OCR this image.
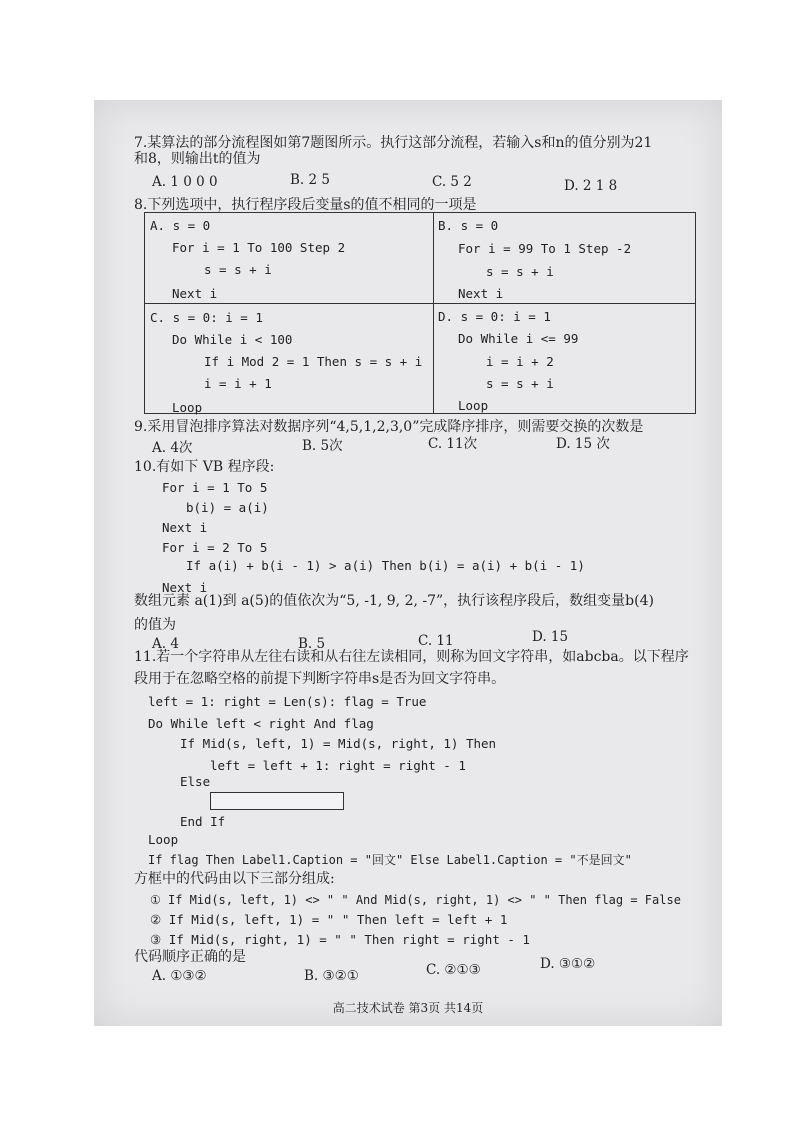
7.某算法的部分流程图如第7题图所示。执行这部分流程，若输入s和n的值分别为21
和8，则输出t的值为
A. 1 0 0 0	B. 2 5	C. 5 2	D. 2 1 8
8.下列选项中，执行程序段后变量s的值不相同的一项是
A. s = 0
For i = 1 To 100 Step 2
s = s + i
Next i
B. s = 0
For i = 99 To 1 Step -2
s = s + i
Next i
C. s = 0: i = 1
Do While i < 100
If i Mod 2 = 1 Then s = s + i
i = i + 1
Loop
D. s = 0: i = 1
Do While i <= 99
i = i + 2
s = s + i
Loop
9.采用冒泡排序算法对数据序列“4,5,1,2,3,0”完成降序排序，则需要交换的次数是
A. 4次	B. 5次	C. 11次	D. 15 次
10.有如下 VB 程序段:
For i = 1 To 5
b(i) = a(i)
Next i
For i = 2 To 5
If a(i) + b(i - 1) > a(i) Then b(i) = a(i) + b(i - 1)
Next i
数组元素 a(1)到 a(5)的值依次为“5, -1, 9, 2, -7”，执行该程序段后，数组变量b(4)
的值为
A. 4	B. 5	C. 11	D. 15
11.若一个字符串从左往右读和从右往左读相同，则称为回文字符串，如abcba。以下程序
段用于在忽略空格的前提下判断字符串s是否为回文字符串。
left = 1: right = Len(s): flag = True
Do While left < right And flag
If Mid(s, left, 1) = Mid(s, right, 1) Then
left = left + 1: right = right - 1
Else
End If
Loop
If flag Then Label1.Caption = "回文" Else Label1.Caption = "不是回文"
方框中的代码由以下三部分组成:
① If Mid(s, left, 1) <> " " And Mid(s, right, 1) <> " " Then flag = False
② If Mid(s, left, 1) = " " Then left = left + 1
③ If Mid(s, right, 1) = " " Then right = right - 1
代码顺序正确的是
A. ①③②	B. ③②①	C. ②①③	D. ③①②
高二技术试卷 第3页 共14页
